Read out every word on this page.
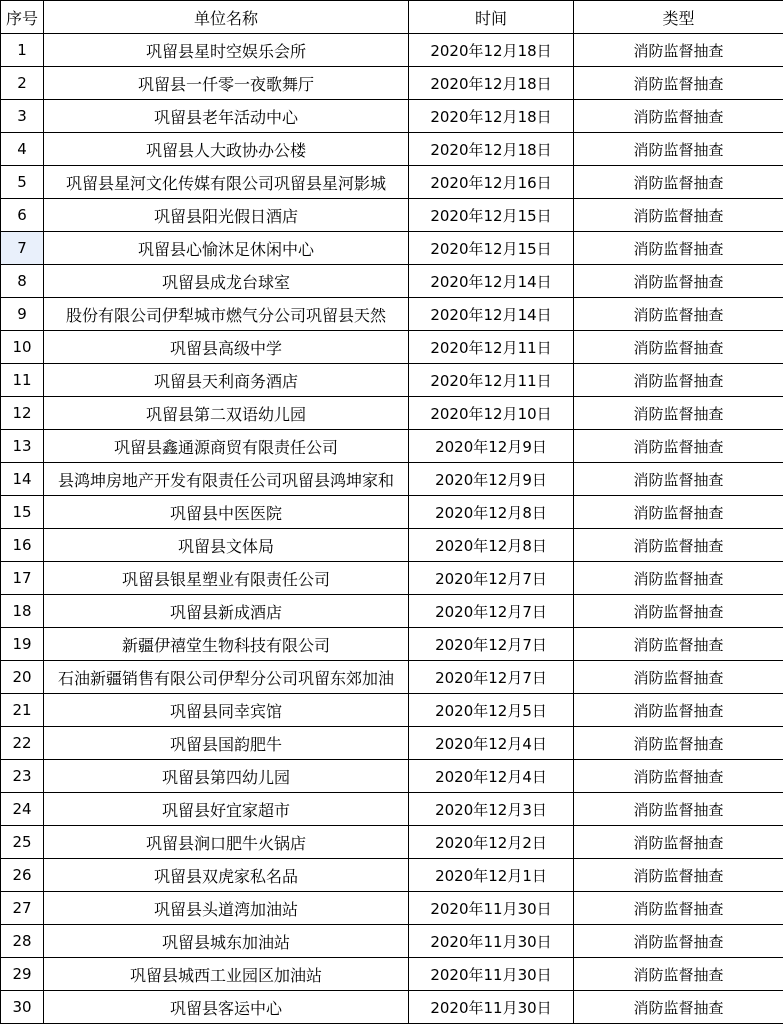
序号	单位名称	时间	类型
1	巩留县星时空娱乐会所	2020年12月18日	消防监督抽查
2	巩留县一仟零一夜歌舞厅	2020年12月18日	消防监督抽查
3	巩留县老年活动中心	2020年12月18日	消防监督抽查
4	巩留县人大政协办公楼	2020年12月18日	消防监督抽查
5	巩留县星河文化传媒有限公司巩留县星河影城	2020年12月16日	消防监督抽查
6	巩留县阳光假日酒店	2020年12月15日	消防监督抽查
7	巩留县心愉沐足休闲中心	2020年12月15日	消防监督抽查
8	巩留县成龙台球室	2020年12月14日	消防监督抽查
9	股份有限公司伊犁城市燃气分公司巩留县天然	2020年12月14日	消防监督抽查
10	巩留县高级中学	2020年12月11日	消防监督抽查
11	巩留县天利商务酒店	2020年12月11日	消防监督抽查
12	巩留县第二双语幼儿园	2020年12月10日	消防监督抽查
13	巩留县鑫通源商贸有限责任公司	2020年12月9日	消防监督抽查
14	县鸿坤房地产开发有限责任公司巩留县鸿坤家和	2020年12月9日	消防监督抽查
15	巩留县中医医院	2020年12月8日	消防监督抽查
16	巩留县文体局	2020年12月8日	消防监督抽查
17	巩留县银星塑业有限责任公司	2020年12月7日	消防监督抽查
18	巩留县新成酒店	2020年12月7日	消防监督抽查
19	新疆伊禧堂生物科技有限公司	2020年12月7日	消防监督抽查
20	石油新疆销售有限公司伊犁分公司巩留东郊加油	2020年12月7日	消防监督抽查
21	巩留县同幸宾馆	2020年12月5日	消防监督抽查
22	巩留县国韵肥牛	2020年12月4日	消防监督抽查
23	巩留县第四幼儿园	2020年12月4日	消防监督抽查
24	巩留县好宜家超市	2020年12月3日	消防监督抽查
25	巩留县涧口肥牛火锅店	2020年12月2日	消防监督抽查
26	巩留县双虎家私名品	2020年12月1日	消防监督抽查
27	巩留县头道湾加油站	2020年11月30日	消防监督抽查
28	巩留县城东加油站	2020年11月30日	消防监督抽查
29	巩留县城西工业园区加油站	2020年11月30日	消防监督抽查
30	巩留县客运中心	2020年11月30日	消防监督抽查
